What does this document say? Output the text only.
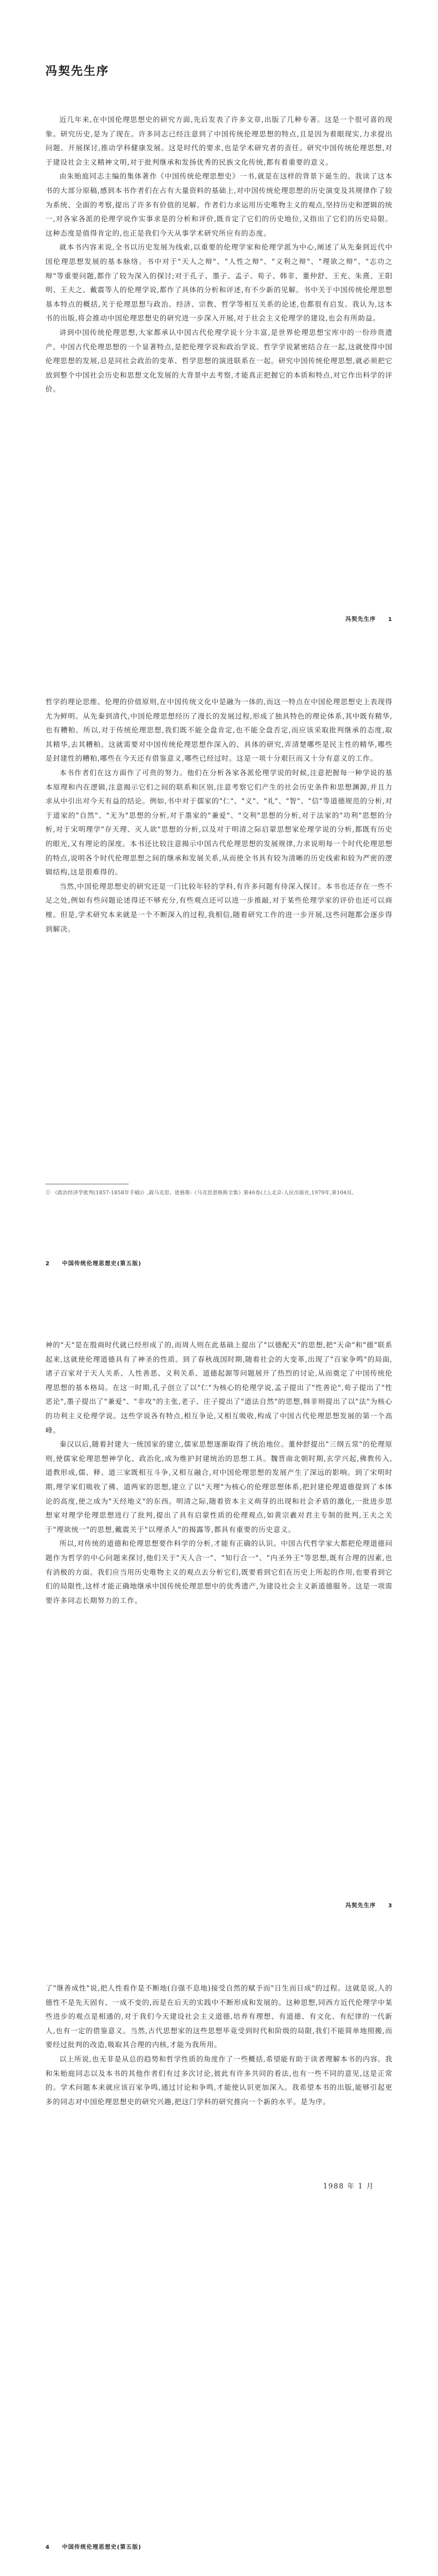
冯契先生序

近几年来,在中国伦理思想史的研究方面,先后发表了许多文章,出版了几种专著。这是一个很可喜的现象。研究历史,是为了现在。许多同志已经注意到了中国传统伦理思想的特点,且是因为着眼现实,力求提出问题、开展探讨,推动学科健康发展。这是时代的要求,也是学术研究者的责任。研究中国传统伦理思想,对于建设社会主义精神文明,对于批判继承和发扬优秀的民族文化传统,都有着重要的意义。

由朱贻庭同志主编的集体著作《中国传统伦理思想史》一书,就是在这样的背景下诞生的。我读了这本书的大部分原稿,感到本书作者们在占有大量资料的基础上,对中国传统伦理思想的历史演变及其规律作了较为系统、全面的考察,提出了许多有价值的见解。作者们力求运用历史唯物主义的观点,坚持历史和逻辑的统一,对各家各派的伦理学说作实事求是的分析和评价,既肯定了它们的历史地位,又指出了它们的历史局限。这种态度是值得肯定的,也正是我们今天从事学术研究所应有的态度。

就本书内容来说,全书以历史发展为线索,以重要的伦理学家和伦理学派为中心,阐述了从先秦到近代中国伦理思想发展的基本脉络。书中对于"天人之辩"、"人性之辩"、"义利之辩"、"理欲之辩"、"志功之辩"等重要问题,都作了较为深入的探讨;对于孔子、墨子、孟子、荀子、韩非、董仲舒、王充、朱熹、王阳明、王夫之、戴震等人的伦理学说,都作了具体的分析和评述,有不少新的见解。书中关于中国传统伦理思想基本特点的概括,关于伦理思想与政治、经济、宗教、哲学等相互关系的论述,也都很有启发。我认为,这本书的出版,将会推动中国伦理思想史的研究进一步深入开展,对于社会主义伦理学的建设,也会有所助益。

讲到中国传统伦理思想,大家都承认中国古代伦理学说十分丰富,是世界伦理思想宝库中的一份珍贵遗产。中国古代伦理思想的一个显著特点,是把伦理学说和政治学说、哲学学说紧密结合在一起,这就使得中国伦理思想的发展,总是同社会政治的变革、哲学思想的演进联系在一起。研究中国传统伦理思想,就必须把它放到整个中国社会历史和思想文化发展的大背景中去考察,才能真正把握它的本质和特点,对它作出科学的评价。

冯契先生序 1

哲学的理论思维、伦理的价值原则,在中国传统文化中是融为一体的,而这一特点在中国伦理思想史上表现得尤为鲜明。从先秦到清代,中国伦理思想经历了漫长的发展过程,形成了独具特色的理论体系,其中既有精华,也有糟粕。所以,对于传统伦理思想,我们既不能全盘肯定,也不能全盘否定,而应该采取批判继承的态度,取其精华,去其糟粕。这就需要对中国传统伦理思想作深入的、具体的研究,弄清楚哪些是民主性的精华,哪些是封建性的糟粕,哪些在今天还有借鉴意义,哪些已经过时。这是一项十分艰巨而又十分有意义的工作。

本书作者们在这方面作了可贵的努力。他们在分析各家各派伦理学说的时候,注意把握每一种学说的基本原理和内在逻辑,注意揭示它们之间的联系和区别,注意考察它们产生的社会历史条件和思想渊源,并且力求从中引出对今天有益的结论。例如,书中对于儒家的"仁"、"义"、"礼"、"智"、"信"等道德规范的分析,对于道家的"自然"、"无为"思想的分析,对于墨家的"兼爱"、"交利"思想的分析,对于法家的"功利"思想的分析,对于宋明理学"存天理、灭人欲"思想的分析,以及对于明清之际启蒙思想家伦理学说的分析,都既有历史的眼光,又有理论的深度。本书还比较注意揭示中国古代伦理思想的发展规律,力求说明每一个时代伦理思想的特点,说明各个时代伦理思想之间的继承和发展关系,从而使全书具有较为清晰的历史线索和较为严密的逻辑结构,这是很难得的。

当然,中国伦理思想史的研究还是一门比较年轻的学科,有许多问题有待深入探讨。本书也还存在一些不足之处,例如有些问题论述得还不够充分,有些观点还可以进一步推敲,对于某些伦理学家的评价也还可以商榷。但是,学术研究本来就是一个不断深入的过程,我相信,随着研究工作的进一步开展,这些问题都会逐步得到解决。

① 《政治经济学批判(1857-1858年手稿)》,载马克思、恩格斯:《马克思恩格斯全集》第46卷(上),北京:人民出版社,1979年,第104页。
2 中国传统伦理思想史(第五版)

神的"天"是在殷商时代就已经形成了的,而周人则在此基础上提出了"以德配天"的思想,把"天命"和"德"联系起来,这就使伦理道德具有了神圣的性质。到了春秋战国时期,随着社会的大变革,出现了"百家争鸣"的局面,诸子百家对于天人关系、人性善恶、义利关系、道德起源等问题展开了热烈的讨论,从而奠定了中国传统伦理思想的基本格局。在这一时期,孔子创立了以"仁"为核心的伦理学说,孟子提出了"性善论",荀子提出了"性恶论",墨子提出了"兼爱"、"非攻"的主张,老子、庄子提出了"道法自然"的思想,韩非则提出了以"法"为核心的功利主义伦理学说。这些学说各有特点,相互争论,又相互吸收,构成了中国古代伦理思想发展的第一个高峰。

秦汉以后,随着封建大一统国家的建立,儒家思想逐渐取得了统治地位。董仲舒提出"三纲五常"的伦理原则,使儒家伦理思想神学化、政治化,成为维护封建统治的思想工具。魏晋南北朝时期,玄学兴起,佛教传入,道教形成,儒、释、道三家既相互斗争,又相互融合,对中国伦理思想的发展产生了深远的影响。到了宋明时期,理学家们吸收了佛、道两家的思想,建立了以"天理"为核心的伦理思想体系,把封建伦理道德提到了本体论的高度,使之成为"天经地义"的东西。明清之际,随着资本主义萌芽的出现和社会矛盾的激化,一批进步思想家对理学伦理思想进行了批判,提出了具有启蒙性质的伦理观点,如黄宗羲对君主专制的批判,王夫之关于"理欲统一"的思想,戴震关于"以理杀人"的揭露等,都具有重要的历史意义。

所以,对传统的道德和伦理思想要作科学的分析,才能有正确的认识。中国古代哲学家大都把伦理道德问题作为哲学的中心问题来探讨,他们关于"天人合一"、"知行合一"、"内圣外王"等思想,既有合理的因素,也有消极的方面。我们应当用历史唯物主义的观点去分析它们,既要看到它们在历史上所起的作用,也要看到它们的局限性,这样才能正确地继承中国传统伦理思想中的优秀遗产,为建设社会主义新道德服务。这是一项需要许多同志长期努力的工作。

冯契先生序 3

了"继善成性"说,把人性看作是不断地(自强不息地)接受自然的赋予而"日生而日成"的过程。这就是说,人的德性不是先天固有、一成不变的,而是在后天的实践中不断形成和发展的。这种思想,同西方近代伦理学中某些进步的观点是相通的,对于我们今天建设社会主义道德,培养有理想、有道德、有文化、有纪律的一代新人,也有一定的借鉴意义。当然,古代思想家的这些思想毕竟受到时代和阶级的局限,我们不能简单地照搬,而要经过批判的改造,吸取其合理的内核,才能为我所用。

以上所说,也无非是从总的趋势和哲学性质的角度作了一些概括,希望能有助于读者理解本书的内容。我和朱贻庭同志以及本书的其他作者们有过多次讨论,彼此有许多共同的看法,也有一些不同的意见,这是正常的。学术问题本来就应该百家争鸣,通过讨论和争鸣,才能使认识更加深入。我希望本书的出版,能够引起更多的同志对中国伦理思想史的研究兴趣,把这门学科的研究推向一个新的水平。是为序。

1988 年 1 月
4 中国传统伦理思想史(第五版)
